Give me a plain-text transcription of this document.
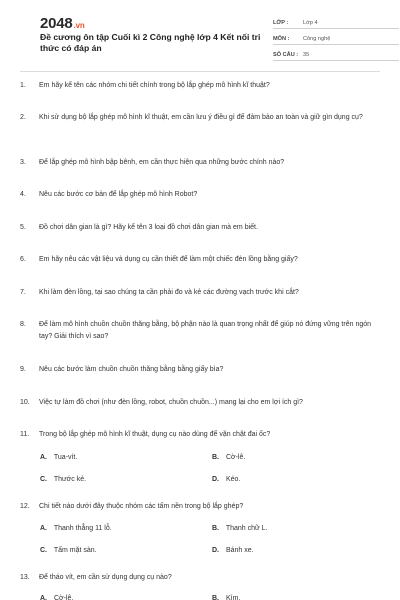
2048.vn
Đề cương ôn tập Cuối kì 2 Công nghệ lớp 4 Kết nối tri thức có đáp án
LỚP :	Lớp 4
MÔN :	Công nghệ
SỐ CÂU : 35
1.	Em hãy kể tên các nhóm chi tiết chính trong bộ lắp ghép mô hình kĩ thuật?
2.	Khi sử dụng bộ lắp ghép mô hình kĩ thuật, em cần lưu ý điều gì để đảm bảo an toàn và giữ gìn dụng cụ?
3.	Để lắp ghép mô hình bập bênh, em cần thực hiện qua những bước chính nào?
4.	Nêu các bước cơ bản để lắp ghép mô hình Robot?
5.	Đồ chơi dân gian là gì? Hãy kể tên 3 loại đồ chơi dân gian mà em biết.
6.	Em hãy nêu các vật liệu và dụng cụ cần thiết để làm một chiếc đèn lồng bằng giấy?
7.	Khi làm đèn lồng, tại sao chúng ta cần phải đo và kẻ các đường vạch trước khi cắt?
8.	Để làm mô hình chuồn chuồn thăng bằng, bộ phận nào là quan trọng nhất để giúp nó đứng vững trên ngón tay? Giải thích vì sao?
9.	Nêu các bước làm chuồn chuồn thăng bằng bằng giấy bìa?
10.	Việc tự làm đồ chơi (như đèn lồng, robot, chuồn chuồn...) mang lại cho em lợi ích gì?
11.	Trong bộ lắp ghép mô hình kĩ thuật, dụng cụ nào dùng để vặn chặt đai ốc?
A. Tua-vít.	B. Cờ-lê.
C. Thước kẻ.	D. Kéo.
12.	Chi tiết nào dưới đây thuộc nhóm các tấm nền trong bộ lắp ghép?
A. Thanh thẳng 11 lỗ.	B. Thanh chữ L.
C. Tấm mặt sàn.	D. Bánh xe.
13.	Để tháo vít, em cần sử dụng dụng cụ nào?
A. Cờ-lê.	B. Kìm.
